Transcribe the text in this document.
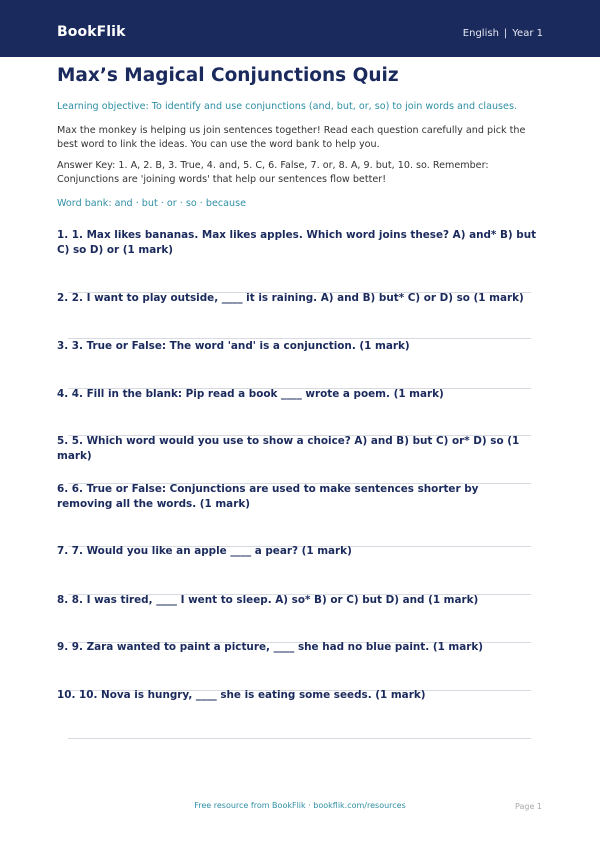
BookFlik	English | Year 1
Max’s Magical Conjunctions Quiz
Learning objective: To identify and use conjunctions (and, but, or, so) to join words and clauses.
Max the monkey is helping us join sentences together! Read each question carefully and pick the best word to link the ideas. You can use the word bank to help you.
Answer Key: 1. A, 2. B, 3. True, 4. and, 5. C, 6. False, 7. or, 8. A, 9. but, 10. so. Remember: Conjunctions are 'joining words' that help our sentences flow better!
Word bank: and · but · or · so · because
1. 1. Max likes bananas. Max likes apples. Which word joins these? A) and* B) but C) so D) or (1 mark)
2. 2. I want to play outside, ____ it is raining. A) and B) but* C) or D) so (1 mark)
3. 3. True or False: The word 'and' is a conjunction. (1 mark)
4. 4. Fill in the blank: Pip read a book ____ wrote a poem. (1 mark)
5. 5. Which word would you use to show a choice? A) and B) but C) or* D) so (1 mark)
6. 6. True or False: Conjunctions are used to make sentences shorter by removing all the words. (1 mark)
7. 7. Would you like an apple ____ a pear? (1 mark)
8. 8. I was tired, ____ I went to sleep. A) so* B) or C) but D) and (1 mark)
9. 9. Zara wanted to paint a picture, ____ she had no blue paint. (1 mark)
10. 10. Nova is hungry, ____ she is eating some seeds. (1 mark)
Free resource from BookFlik · bookflik.com/resources	Page 1
